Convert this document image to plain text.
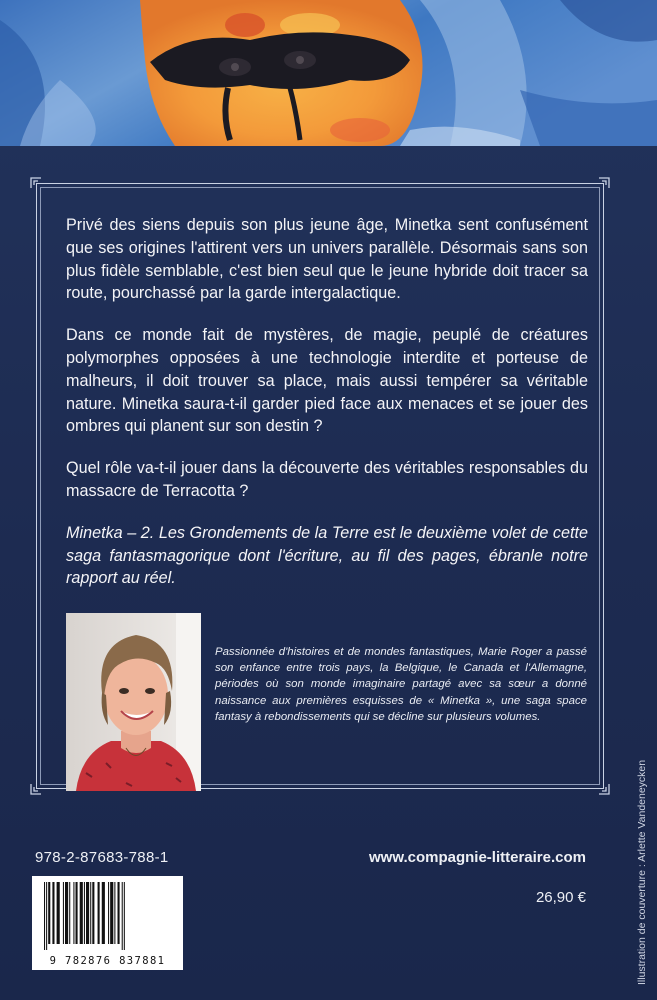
Privé des siens depuis son plus jeune âge, Minetka sent confusément que ses origines l'attirent vers un univers parallèle. Désormais sans son plus fidèle semblable, c'est bien seul que le jeune hybride doit tracer sa route, pourchassé par la garde intergalactique.

Dans ce monde fait de mystères, de magie, peuplé de créatures polymorphes opposées à une technologie interdite et porteuse de malheurs, il doit trouver sa place, mais aussi tempérer sa véritable nature. Minetka saura-t-il garder pied face aux menaces et se jouer des ombres qui planent sur son destin ?

Quel rôle va-t-il jouer dans la découverte des véritables responsables du massacre de Terracotta ?

Minetka – 2. Les Grondements de la Terre est le deuxième volet de cette saga fantasmagorique dont l'écriture, au fil des pages, ébranle notre rapport au réel.

Passionnée d'histoires et de mondes fantastiques, Marie Roger a passé son enfance entre trois pays, la Belgique, le Canada et l'Allemagne, périodes où son monde imaginaire partagé avec sa sœur a donné naissance aux premières esquisses de « Minetka », une saga space fantasy à rebondissements qui se décline sur plusieurs volumes.
978-2-87683-788-1	www.compagnie-litteraire.com
26,90 €	Illustration de couverture : Arlette Vandeneycken
9 782876 837881
